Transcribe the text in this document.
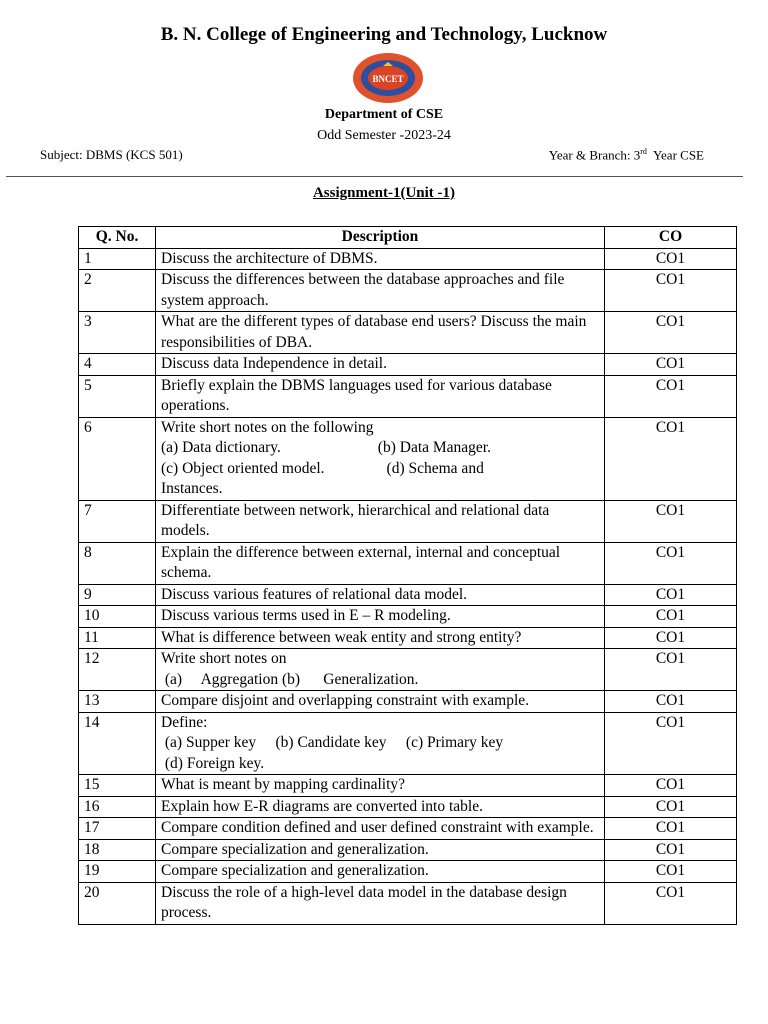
B. N. College of Engineering and Technology, Lucknow
BNCET
Department of CSE
Odd Semester -2023-24
Subject: DBMS (KCS 501)	Year & Branch: 3rd  Year CSE
Assignment-1(Unit -1)
Q. No.	Description	CO
1	Discuss the architecture of DBMS.	CO1
2	Discuss the differences between the database approaches and file system approach.	CO1
3	What are the different types of database end users? Discuss the main responsibilities of DBA.	CO1
4	Discuss data Independence in detail.	CO1
5	Briefly explain the DBMS languages used for various database operations.	CO1
6	Write short notes on the following
(a) Data dictionary.                         (b) Data Manager.
(c) Object oriented model.                (d) Schema and
Instances.	CO1
7	Differentiate between network, hierarchical and relational data models.	CO1
8	Explain the difference between external, internal and conceptual schema.	CO1
9	Discuss various features of relational data model.	CO1
10	Discuss various terms used in E – R modeling.	CO1
11	What is difference between weak entity and strong entity?	CO1
12	Write short notes on
(a)     Aggregation (b)      Generalization.	CO1
13	Compare disjoint and overlapping constraint with example.	CO1
14	Define:
(a) Supper key     (b) Candidate key     (c) Primary key
(d) Foreign key.	CO1
15	What is meant by mapping cardinality?	CO1
16	Explain how E-R diagrams are converted into table.	CO1
17	Compare condition defined and user defined constraint with example.	CO1
18	Compare specialization and generalization.	CO1
19	Compare specialization and generalization.	CO1
20	Discuss the role of a high-level data model in the database design process.	CO1
